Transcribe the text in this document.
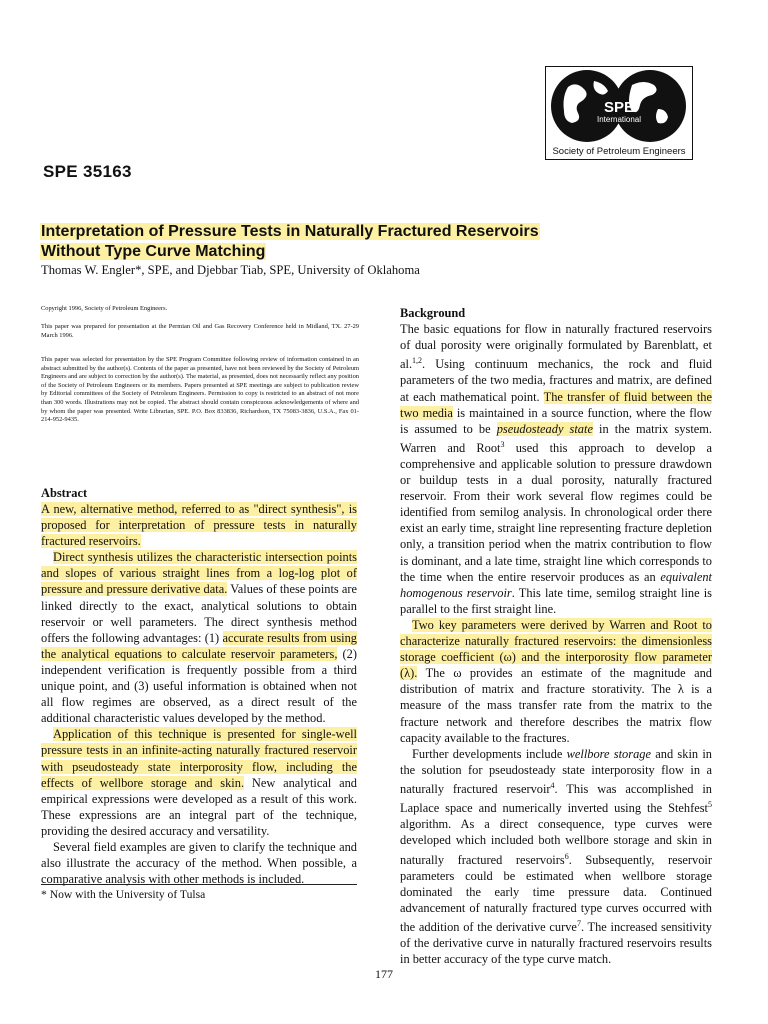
SPE
International
Society of Petroleum Engineers
SPE 35163
Interpretation of Pressure Tests in Naturally Fractured Reservoirs
Without Type Curve Matching
Thomas W. Engler*, SPE, and Djebbar Tiab, SPE, University of Oklahoma
Copyright 1996, Society of Petroleum Engineers.
This paper was prepared for presentation at the Permian Oil and Gas Recovery Conference held in Midland, TX. 27-29 March 1996.
This paper was selected for presentation by the SPE Program Committee following review of information contained in an abstract submitted by the author(s). Contents of the paper as presented, have not been reviewed by the Society of Petroleum Engineers and are subject to correction by the author(s). The material, as presented, does not necessarily reflect any position of the Society of Petroleum Engineers or its members. Papers presented at SPE meetings are subject to publication review by Editorial committees of the Society of Petroleum Engineers. Permission to copy is restricted to an abstract of not more than 300 words. Illustrations may not be copied. The abstract should contain conspicuous acknowledgements of where and by whom the paper was presented. Write Librarian, SPE. P.O. Box 833836, Richardson, TX 75083-3836, U.S.A., Fax 01-214-952-9435.
Abstract

A new, alternative method, referred to as "direct synthesis", is proposed for interpretation of pressure tests in naturally fractured reservoirs.

Direct synthesis utilizes the characteristic intersection points and slopes of various straight lines from a log-log plot of pressure and pressure derivative data. Values of these points are linked directly to the exact, analytical solutions to obtain reservoir or well parameters. The direct synthesis method offers the following advantages: (1) accurate results from using the analytical equations to calculate reservoir parameters, (2) independent verification is frequently possible from a third unique point, and (3) useful information is obtained when not all flow regimes are observed, as a direct result of the additional characteristic values developed by the method.

Application of this technique is presented for single-well pressure tests in an infinite-acting naturally fractured reservoir with pseudosteady state interporosity flow, including the effects of wellbore storage and skin. New analytical and empirical expressions were developed as a result of this work. These expressions are an integral part of the technique, providing the desired accuracy and versatility.

Several field examples are given to clarify the technique and also illustrate the accuracy of the method. When possible, a comparative analysis with other methods is included.

* Now with the University of Tulsa
Background

The basic equations for flow in naturally fractured reservoirs of dual porosity were originally formulated by Barenblatt, et al.$^{1,2}$. Using continuum mechanics, the rock and fluid parameters of the two media, fractures and matrix, are defined at each mathematical point. The transfer of fluid between the two media is maintained in a source function, where the flow is assumed to be pseudosteady state in the matrix system. Warren and Root$^3$ used this approach to develop a comprehensive and applicable solution to pressure drawdown or buildup tests in a dual porosity, naturally fractured reservoir. From their work several flow regimes could be identified from semilog analysis. In chronological order there exist an early time, straight line representing fracture depletion only, a transition period when the matrix contribution to flow is dominant, and a late time, straight line which corresponds to the time when the entire reservoir produces as an equivalent homogenous reservoir. This late time, semilog straight line is parallel to the first straight line.

Two key parameters were derived by Warren and Root to characterize naturally fractured reservoirs: the dimensionless storage coefficient (ω) and the interporosity flow parameter (λ). The ω provides an estimate of the magnitude and distribution of matrix and fracture storativity. The λ is a measure of the mass transfer rate from the matrix to the fracture network and therefore describes the matrix flow capacity available to the fractures.

Further developments include wellbore storage and skin in the solution for pseudosteady state interporosity flow in a naturally fractured reservoir$^4$. This was accomplished in Laplace space and numerically inverted using the Stehfest$^5$ algorithm. As a direct consequence, type curves were developed which included both wellbore storage and skin in naturally fractured reservoirs$^6$. Subsequently, reservoir parameters could be estimated when wellbore storage dominated the early time pressure data. Continued advancement of naturally fractured type curves occurred with the addition of the derivative curve$^7$. The increased sensitivity of the derivative curve in naturally fractured reservoirs results in better accuracy of the type curve match.

177
